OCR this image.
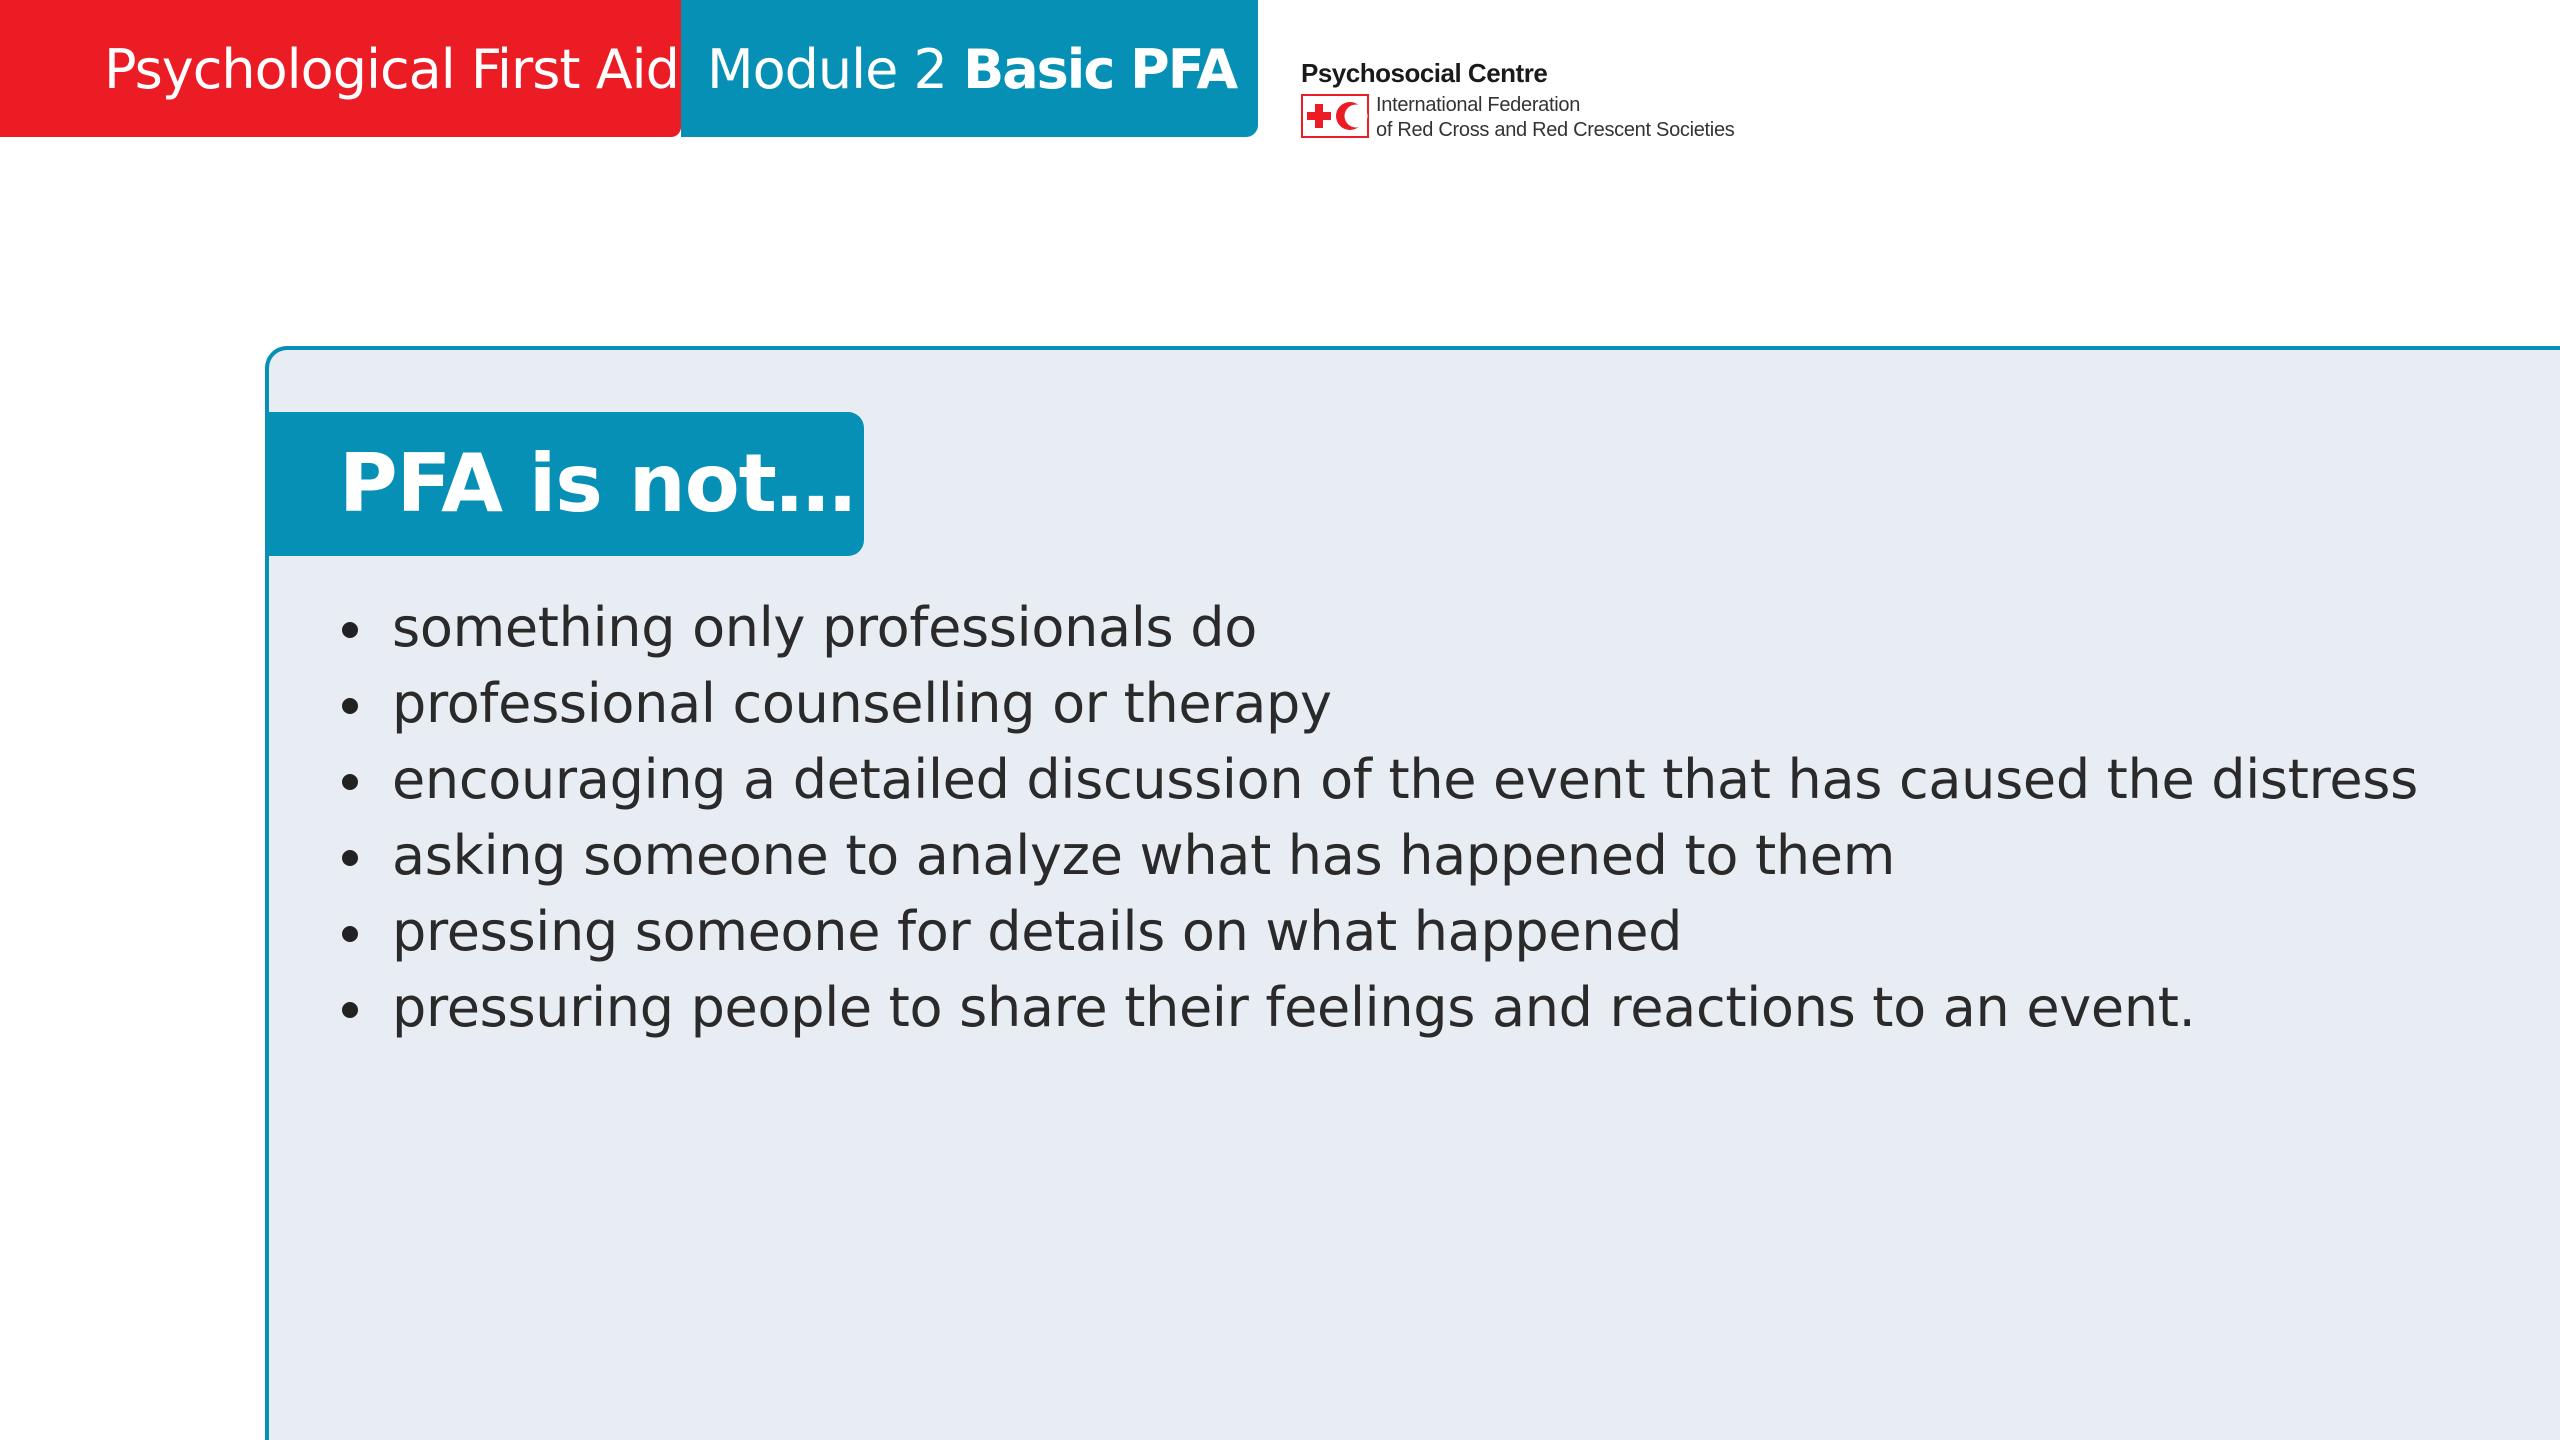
Psychological First Aid Module 2 Basic PFA Psychosocial Centre
International Federation
of Red Cross and Red Crescent Societies
PFA is not…
something only professionals do
professional counselling or therapy
encouraging a detailed discussion of the event that has caused the distress
asking someone to analyze what has happened to them
pressing someone for details on what happened
pressuring people to share their feelings and reactions to an event.
